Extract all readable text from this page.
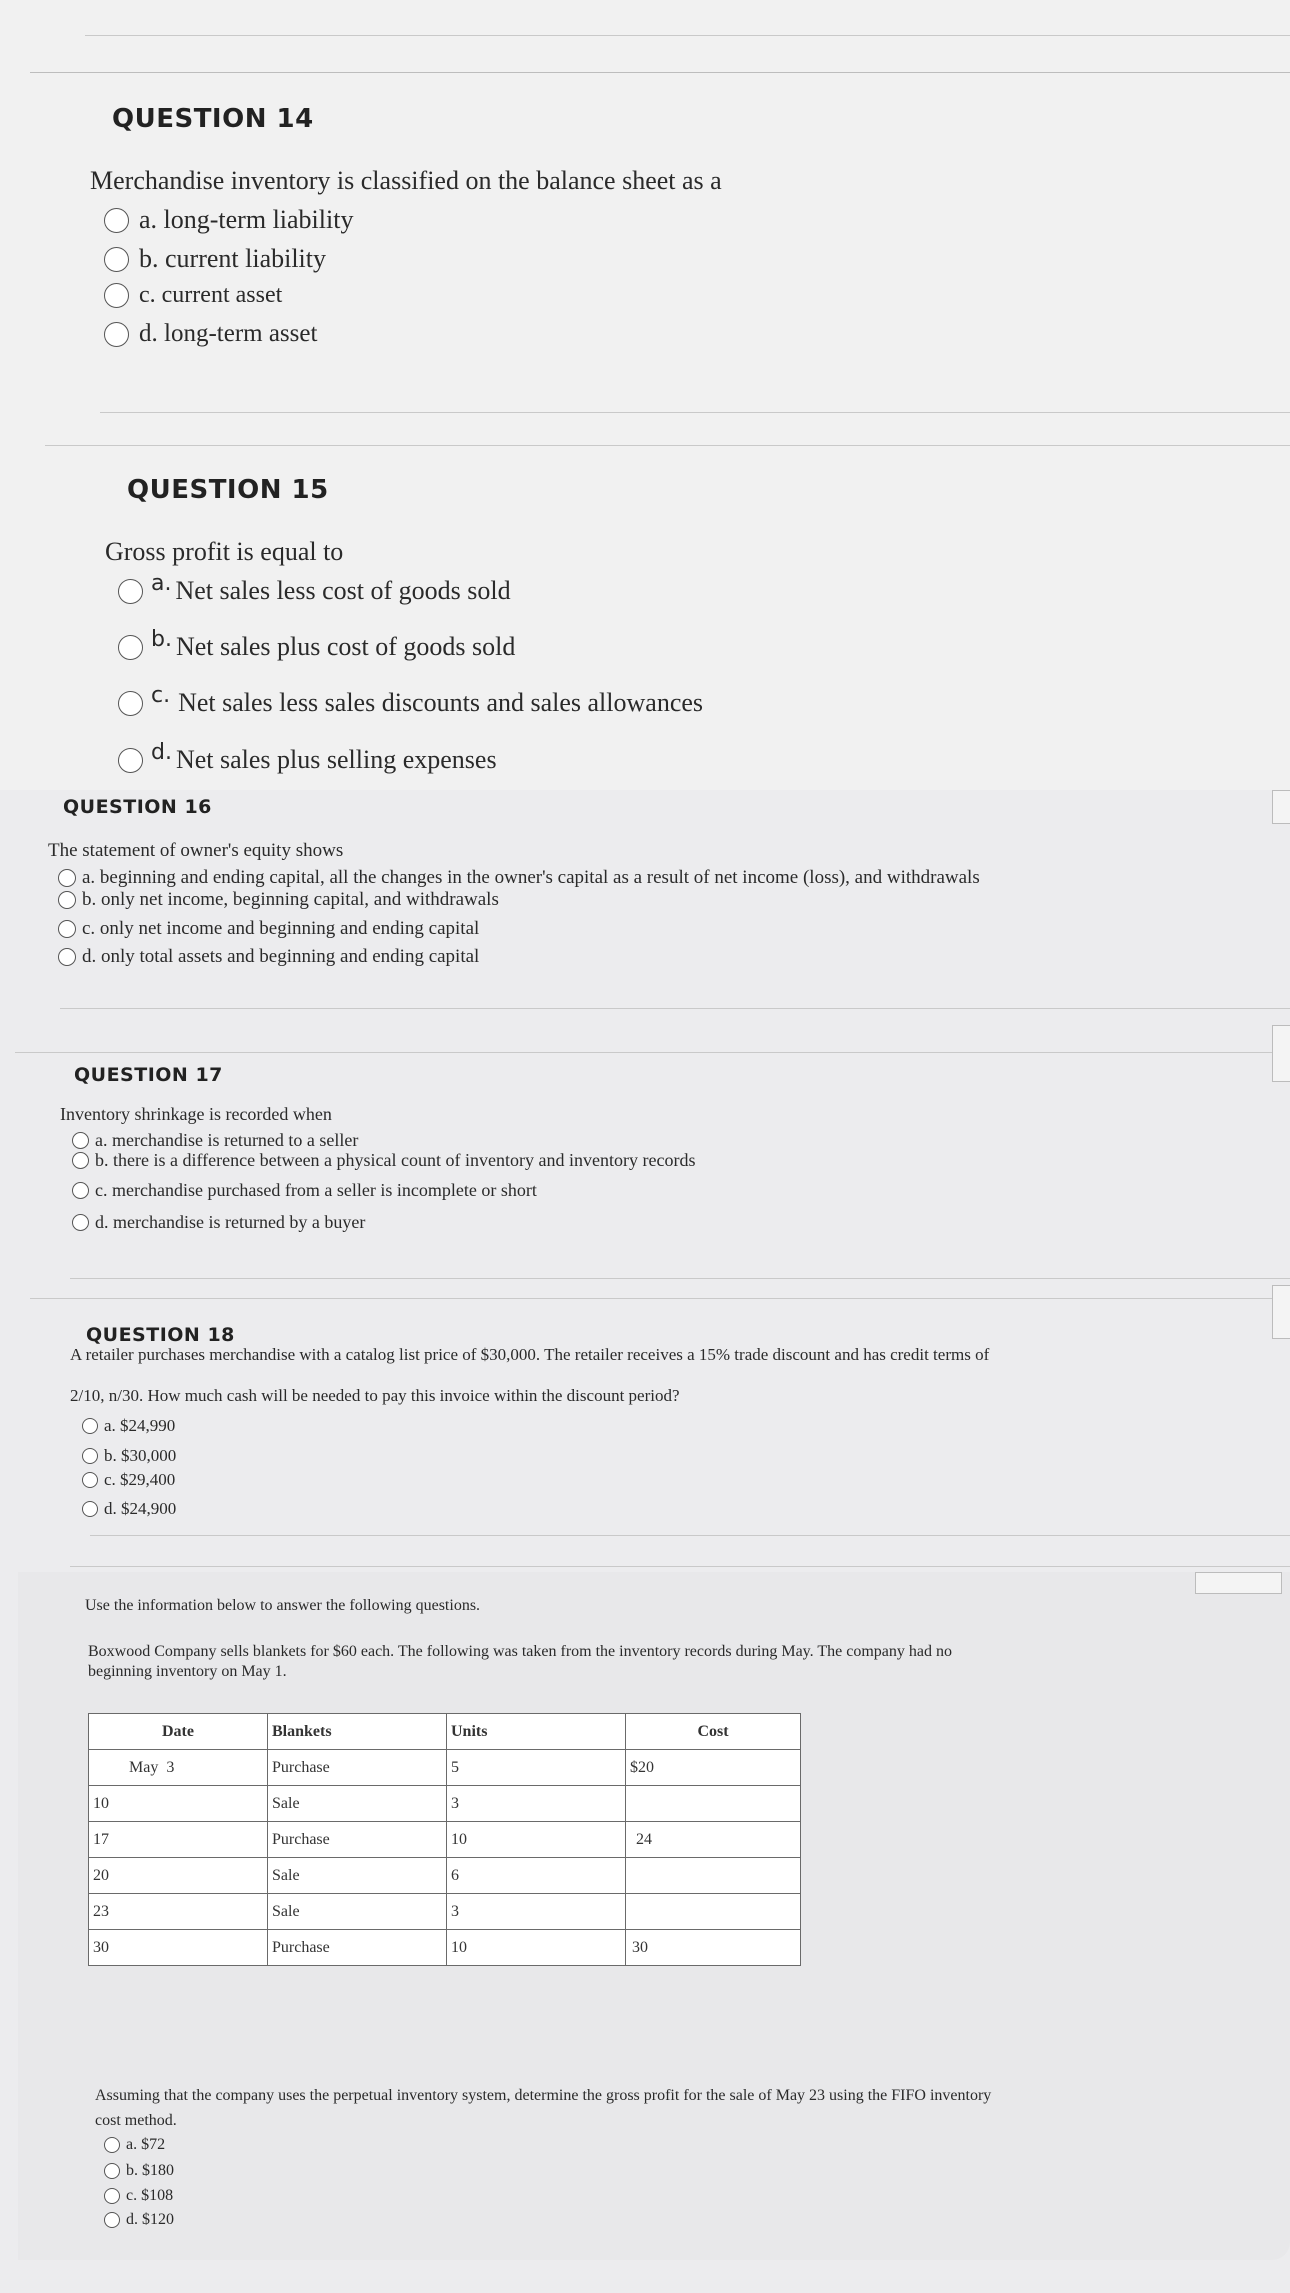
QUESTION 14
Merchandise inventory is classified on the balance sheet as a
a. long-term liability
b. current liability
c. current asset
d. long-term asset
QUESTION 15
Gross profit is equal to
a. Net sales less cost of goods sold
b. Net sales plus cost of goods sold
c. Net sales less sales discounts and sales allowances
d. Net sales plus selling expenses
QUESTION 16
The statement of owner's equity shows
a. beginning and ending capital, all the changes in the owner's capital as a result of net income (loss), and withdrawals
b. only net income, beginning capital, and withdrawals
c. only net income and beginning and ending capital
d. only total assets and beginning and ending capital
QUESTION 17
Inventory shrinkage is recorded when
a. merchandise is returned to a seller
b. there is a difference between a physical count of inventory and inventory records
c. merchandise purchased from a seller is incomplete or short
d. merchandise is returned by a buyer
QUESTION 18
A retailer purchases merchandise with a catalog list price of $30,000. The retailer receives a 15% trade discount and has credit terms of
2/10, n/30. How much cash will be needed to pay this invoice within the discount period?
a. $24,990
b. $30,000
c. $29,400
d. $24,900
Use the information below to answer the following questions.
Boxwood Company sells blankets for $60 each. The following was taken from the inventory records during May. The company had no
beginning inventory on May 1.
Date	Blankets	Units	Cost
May  3	Purchase	5	$20
10	Sale	3	
17	Purchase	10	24
20	Sale	6	
23	Sale	3	
30	Purchase	10	30
Assuming that the company uses the perpetual inventory system, determine the gross profit for the sale of May 23 using the FIFO inventory
cost method.
a. $72
b. $180
c. $108
d. $120
